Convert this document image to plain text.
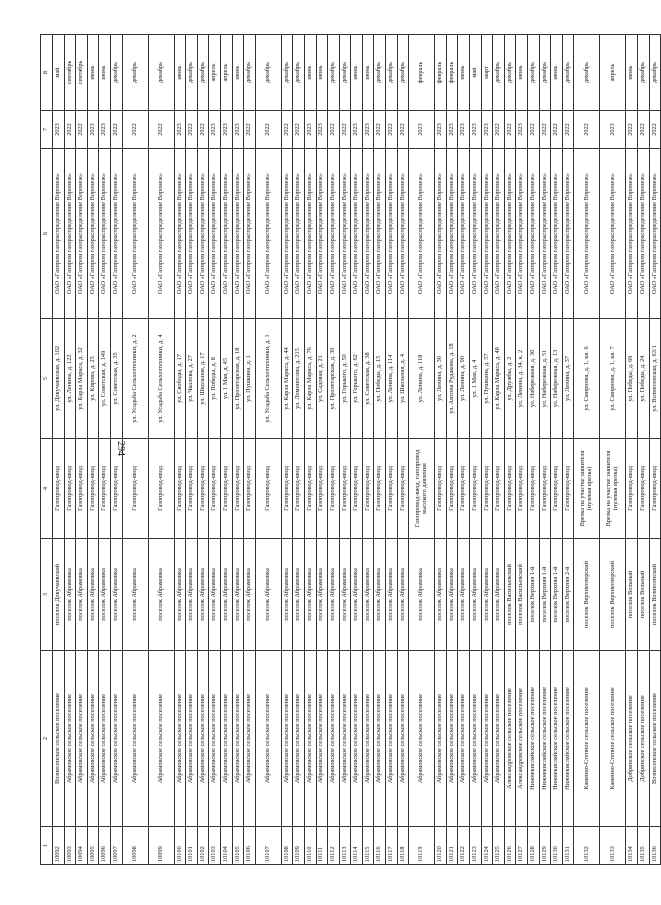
294
1	2	3	4	5	6	7	8
10092	Вознесенское сельское поселение	поселок Докучаевский	Газопровод-ввод	ул. Докучаевская, д. 102	ОАО «Газпром газораспределение Воронеж»	2023	май
10093	Абрамовское сельское поселение	поселок Абрамовка	Газопровод-ввод	ул. Ленина, д. 122	ОАО «Газпром газораспределение Воронеж»	2022	сентябрь
10094	Абрамовское сельское поселение	поселок Абрамовка	Газопровод-ввод	ул. Карла Маркса, д. 32	ОАО «Газпром газораспределение Воронеж»	2022	сентябрь
10095	Абрамовское сельское поселение	поселок Абрамовка	Газопровод-ввод	ул. Кирова, д. 25	ОАО «Газпром газораспределение Воронеж»	2023	июнь
10096	Абрамовское сельское поселение	поселок Абрамовка	Газопровод-ввод	ул. Советская, д. 149	ОАО «Газпром газораспределение Воронеж»	2023	июнь
10097	Абрамовское сельское поселение	поселок Абрамовка	Газопровод-ввод	ул. Советская, д. 35	ОАО «Газпром газораспределение Воронеж»	2022	декабрь
10098	Абрамовское сельское поселение	поселок Абрамовка	Газопровод-ввод	ул. Усадьба Сельхозтехники, д. 2	ОАО «Газпром газораспределение Воронеж»	2022	декабрь
10099	Абрамовское сельское поселение	поселок Абрамовка	Газопровод-ввод	ул. Усадьба Сельхозтехники, д. 4	ОАО «Газпром газораспределение Воронеж»	2022	декабрь
10100	Абрамовское сельское поселение	поселок Абрамовка	Газопровод-ввод	ул. Свободы, д. 17	ОАО «Газпром газораспределение Воронеж»	2023	июнь
10101	Абрамовское сельское поселение	поселок Абрамовка	Газопровод-ввод	ул. Чкалова, д. 27	ОАО «Газпром газораспределение Воронеж»	2022	декабрь
10102	Абрамовское сельское поселение	поселок Абрамовка	Газопровод-ввод	ул. Школьная, д. 17	ОАО «Газпром газораспределение Воронеж»	2022	декабрь
10103	Абрамовское сельское поселение	поселок Абрамовка	Газопровод-ввод	ул. Победы, д. 8	ОАО «Газпром газораспределение Воронеж»	2023	апрель
10104	Абрамовское сельское поселение	поселок Абрамовка	Газопровод-ввод	ул. 1 Мая, д. 45	ОАО «Газпром газораспределение Воронеж»	2023	апрель
10105	Абрамовское сельское поселение	поселок Абрамовка	Газопровод-ввод	ул. Пролетарская, д. 18	ОАО «Газпром газораспределение Воронеж»	2023	июнь
10106	Абрамовское сельское поселение	поселок Абрамовка	Газопровод-ввод	ул. Пушкина, д. 1	ОАО «Газпром газораспределение Воронеж»	2022	декабрь
10107	Абрамовское сельское поселение	поселок Абрамовка	Газопровод-ввод	ул. Усадьба Сельхозтехники, д. 1	ОАО «Газпром газораспределение Воронеж»	2022	декабрь
10108	Абрамовское сельское поселение	поселок Абрамовка	Газопровод-ввод	ул. Карла Маркса, д. 44	ОАО «Газпром газораспределение Воронеж»	2022	декабрь
10109	Абрамовское сельское поселение	поселок Абрамовка	Газопровод-ввод	ул. Ломоносова, д. 215	ОАО «Газпром газораспределение Воронеж»	2022	декабрь
10110	Абрамовское сельское поселение	поселок Абрамовка	Газопровод-ввод	ул. Карла Маркса, д. 76	ОАО «Газпром газораспределение Воронеж»	2023	июнь
10111	Абрамовское сельское поселение	поселок Абрамовка	Газопровод-ввод	ул. Садовая, д. 21	ОАО «Газпром газораспределение Воронеж»	2023	июнь
10112	Абрамовское сельское поселение	поселок Абрамовка	Газопровод-ввод	ул. Пролетарская, д. 30	ОАО «Газпром газораспределение Воронеж»	2022	декабрь
10113	Абрамовское сельское поселение	поселок Абрамовка	Газопровод-ввод	ул. Горького, д. 50	ОАО «Газпром газораспределение Воронеж»	2022	декабрь
10114	Абрамовское сельское поселение	поселок Абрамовка	Газопровод-ввод	ул. Горького, д. 62	ОАО «Газпром газораспределение Воронеж»	2023	июнь
10115	Абрамовское сельское поселение	поселок Абрамовка	Газопровод-ввод	ул. Советская, д. 38	ОАО «Газпром газораспределение Воронеж»	2023	июнь
10116	Абрамовское сельское поселение	поселок Абрамовка	Газопровод-ввод	ул. Победы, д. 15	ОАО «Газпром газораспределение Воронеж»	2022	декабрь
10117	Абрамовское сельское поселение	поселок Абрамовка	Газопровод-ввод	ул. Ленина, д. 114	ОАО «Газпром газораспределение Воронеж»	2022	декабрь
10118	Абрамовское сельское поселение	поселок Абрамовка	Газопровод-ввод	ул. Школьная, д. 4	ОАО «Газпром газораспределение Воронеж»	2022	декабрь
10119	Абрамовское сельское поселение	поселок Абрамовка	Газопровод-ввод, газопровод высокого давления	ул. Ленина, д. 118	ОАО «Газпром газораспределение Воронеж»	2023	февраль
10120	Абрамовское сельское поселение	поселок Абрамовка	Газопровод-ввод	ул. Ленина, д. 36	ОАО «Газпром газораспределение Воронеж»	2023	февраль
10121	Абрамовское сельское поселение	поселок Абрамовка	Газопровод-ввод	ул. Антона Рудакова, д. 18	ОАО «Газпром газораспределение Воронеж»	2023	февраль
10122	Абрамовское сельское поселение	поселок Абрамовка	Газопровод-ввод	ул. Ленина, д. 90	ОАО «Газпром газораспределение Воронеж»	2023	июнь
10123	Абрамовское сельское поселение	поселок Абрамовка	Газопровод-ввод	ул. 1 Мая, д. 4	ОАО «Газпром газораспределение Воронеж»	2023	май
10124	Абрамовское сельское поселение	поселок Абрамовка	Газопровод-ввод	ул. Пушкина, д. 57	ОАО «Газпром газораспределение Воронеж»	2023	март
10125	Абрамовское сельское поселение	поселок Абрамовка	Газопровод-ввод	ул. Карла Маркса, д. 48	ОАО «Газпром газораспределение Воронеж»	2022	декабрь
10126	Александровское сельское поселение	поселок Васильевский	Газопровод-ввод	ул. Дружбы, д. 2	ОАО «Газпром газораспределение Воронеж»	2022	декабрь
10127	Александровское сельское поселение	поселок Васильевский	Газопровод-ввод	ул. Ленина, д. 34, к. 2	ОАО «Газпром газораспределение Воронеж»	2023	июнь
10128	Нижнекисляйское сельское поселение	поселок Верхняя 1-й	Газопровод-ввод	ул. Набережная, д. 36	ОАО «Газпром газораспределение Воронеж»	2022	декабрь
10129	Нижнекисляйское сельское поселение	поселок Верхняя 1-й	Газопровод-ввод	ул. Набережная, д. 51	ОАО «Газпром газораспределение Воронеж»	2022	декабрь
10130	Нижнекисляйское сельское поселение	поселок Верхняя 1-й	Газопровод-ввод	ул. Набережная, д. 13	ОАО «Газпром газораспределение Воронеж»	2022	июнь
10131	Нижнекисляйское сельское поселение	поселок Верхняя 2-й	Газопровод-ввод	ул. Ленина, д. 37	ОАО «Газпром газораспределение Воронеж»	2022	декабрь
10132	Каменно-Степное сельское поселение	поселок Верхнеозерский	Врезка на участке заявителя (нулевая врезка)	ул. Смирнова, д. 1, кв. 6	ОАО «Газпром газораспределение Воронеж»	2022	декабрь
10133	Каменно-Степное сельское поселение	поселок Верхнеозерский	Врезка на участке заявителя (нулевая врезка)	ул. Смирнова, д. 1, кв. 7	ОАО «Газпром газораспределение Воронеж»	2023	апрель
10134	Добринское сельское поселение	поселок Вольный	Газопровод-ввод	ул. Победы, д. 69	ОАО «Газпром газораспределение Воронеж»	2022	июнь
10135	Добринское сельское поселение	поселок Вольный	Газопровод-ввод	ул. Победы, д. 24	ОАО «Газпром газораспределение Воронеж»	2022	декабрь
10136	Вознесенское сельское поселение	поселок Вознесенский	Газопровод-ввод	ул. Вознесенская, д. 63/1	ОАО «Газпром газораспределение Воронеж»	2022	декабрь
